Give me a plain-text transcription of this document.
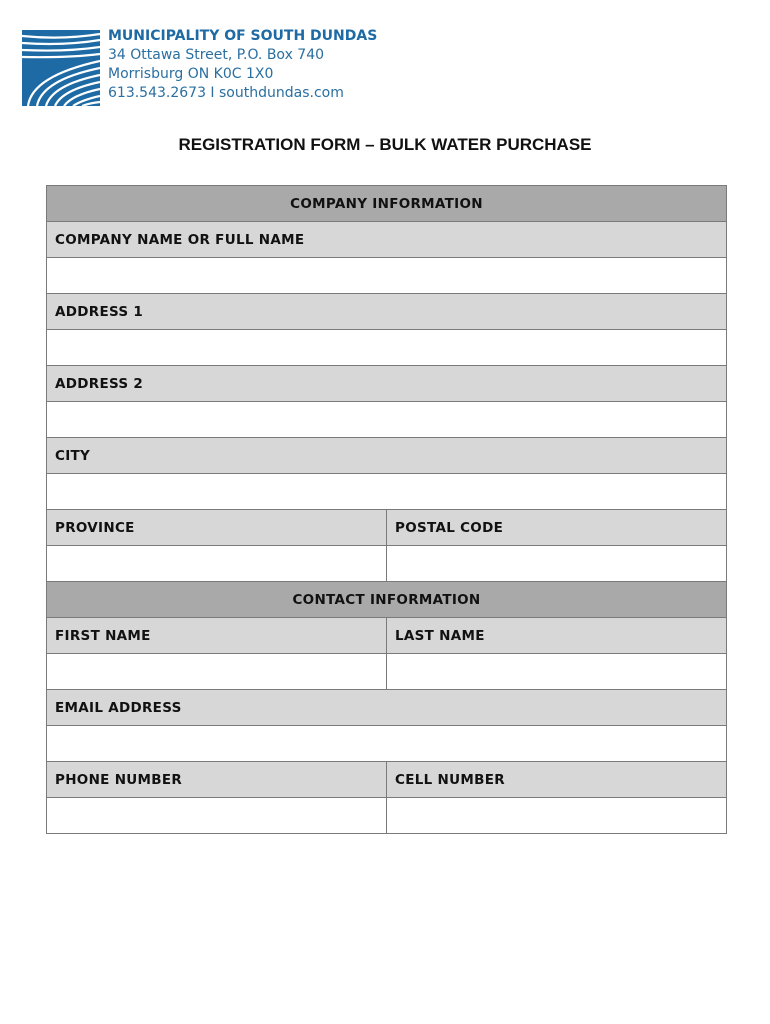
MUNICIPALITY OF SOUTH DUNDAS
34 Ottawa Street, P.O. Box 740
Morrisburg ON K0C 1X0
613.543.2673 I southdundas.com
REGISTRATION FORM – BULK WATER PURCHASE
COMPANY INFORMATION	
COMPANY NAME OR FULL NAME	

ADDRESS 1	

ADDRESS 2	

CITY	

PROVINCE	POSTAL CODE

CONTACT INFORMATION	
FIRST NAME	LAST NAME

EMAIL ADDRESS	

PHONE NUMBER	CELL NUMBER
